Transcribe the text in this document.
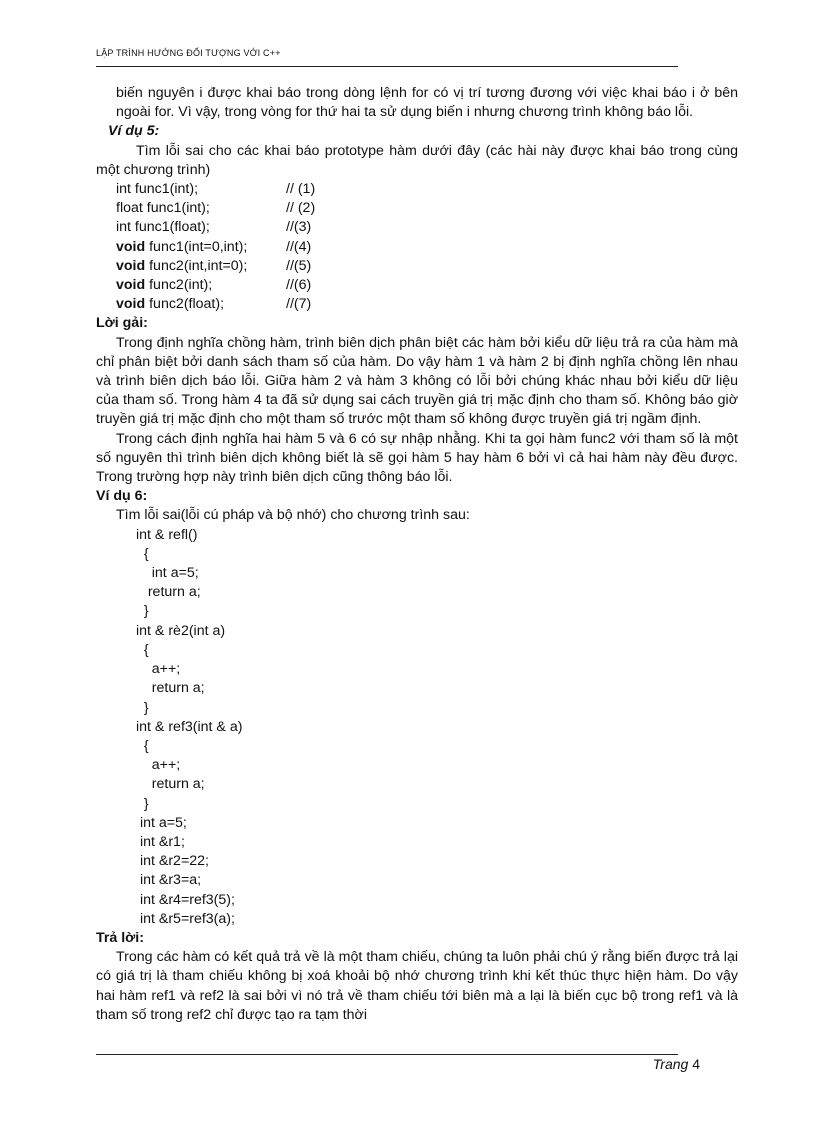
LẬP TRÌNH HƯỚNG ĐỐI TƯỢNG VỚI C++

biến nguyên i được khai báo trong dòng lệnh for có vị trí tương đương với việc khai báo i ở bên ngoài for. Vì vậy, trong vòng for thứ hai ta sử dụng biến i nhưng chương trình không báo lỗi.

Ví dụ 5:

Tìm lỗi sai cho các khai báo prototype hàm dưới đây (các hài này được khai báo trong cùng một chương trình)

int func1(int);	// (1)
float func1(int);	// (2)
int func1(float);	//(3)
void func1(int=0,int);	//(4)
void func2(int,int=0);	//(5)
void func2(int);	//(6)
void func2(float);	//(7)

Lời gải:

Trong định nghĩa chồng hàm, trình biên dịch phân biệt các hàm bởi kiểu dữ liệu trả ra của hàm mà chỉ phân biệt bởi danh sách tham số của hàm. Do vậy hàm 1 và hàm 2 bị định nghĩa chồng lên nhau và trình biên dịch báo lỗi. Giữa hàm 2 và hàm 3 không có lỗi bởi chúng khác nhau bởi kiểu dữ liệu của tham số. Trong hàm 4 ta đã sử dụng sai cách truyền giá trị mặc định cho tham số. Không báo giờ truyền giá trị mặc định cho một tham số trước một tham số không được truyền giá trị ngầm định.

Trong cách định nghĩa hai hàm 5 và 6 có sự nhập nhằng. Khi ta gọi hàm func2 với tham số là một số nguyên thì trình biên dịch không biết là sẽ gọi hàm 5 hay hàm 6 bởi vì cả hai hàm này đều được. Trong trường hợp này trình biên dịch cũng thông báo lỗi.

Ví dụ 6:

Tìm lỗi sai(lỗi cú pháp và bộ nhớ) cho chương trình sau:

int & refl()
{
int a=5;
return a;
}
int & rè2(int a)
{
a++;
return a;
}
int & ref3(int & a)
{
a++;
return a;
}
int a=5;
int &r1;
int &r2=22;
int &r3=a;
int &r4=ref3(5);
int &r5=ref3(a);

Trả lời:

Trong các hàm có kết quả trả về là một tham chiếu, chúng ta luôn phải chú ý rằng biến được trả lại có giá trị là tham chiếu không bị xoá khoải bộ nhớ chương trình khi kết thúc thực hiện hàm. Do vậy hai hàm ref1 và ref2 là sai bởi vì nó trả về tham chiếu tới biên mà a lại là biến cục bộ trong ref1 và là tham số trong ref2 chỉ được tạo ra tạm thời

Trang 4
